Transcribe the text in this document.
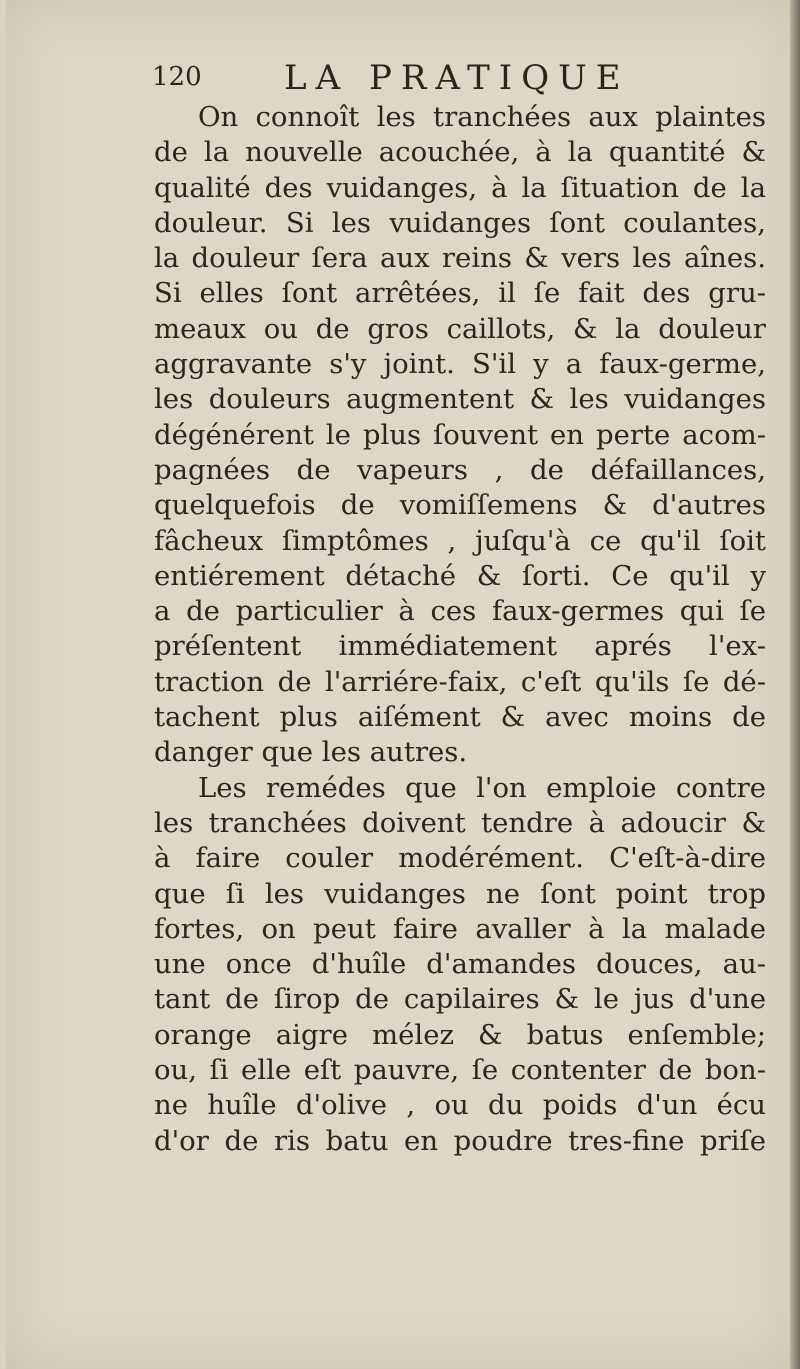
120 LA PRATIQUE
On connoît les tranchées aux plaintes
de la nouvelle acouchée, à la quantité &
qualité des vuidanges, à la ſituation de la
douleur. Si les vuidanges ſont coulantes,
la douleur ſera aux reins & vers les aînes.
Si elles ſont arrêtées, il ſe fait des gru-
meaux ou de gros caillots, & la douleur
aggravante s'y joint. S'il y a faux-germe,
les douleurs augmentent & les vuidanges
dégénérent le plus ſouvent en perte acom-
pagnées de vapeurs , de défaillances,
quelquefois de vomiſſemens & d'autres
fâcheux ſimptômes , juſqu'à ce qu'il ſoit
entiérement détaché & ſorti. Ce qu'il y
a de particulier à ces faux-germes qui ſe
préſentent immédiatement aprés l'ex-
traction de l'arriére-faix, c'eſt qu'ils ſe dé-
tachent plus aiſément & avec moins de
danger que les autres.
Les remédes que l'on emploie contre
les tranchées doivent tendre à adoucir &
à faire couler modérément. C'eſt-à-dire
que ſi les vuidanges ne ſont point trop
fortes, on peut faire avaller à la malade
une once d'huîle d'amandes douces, au-
tant de ſirop de capilaires & le jus d'une
orange aigre mélez & batus enſemble;
ou, ſi elle eſt pauvre, ſe contenter de bon-
ne huîle d'olive , ou du poids d'un écu
d'or de ris batu en poudre tres-fine priſe
